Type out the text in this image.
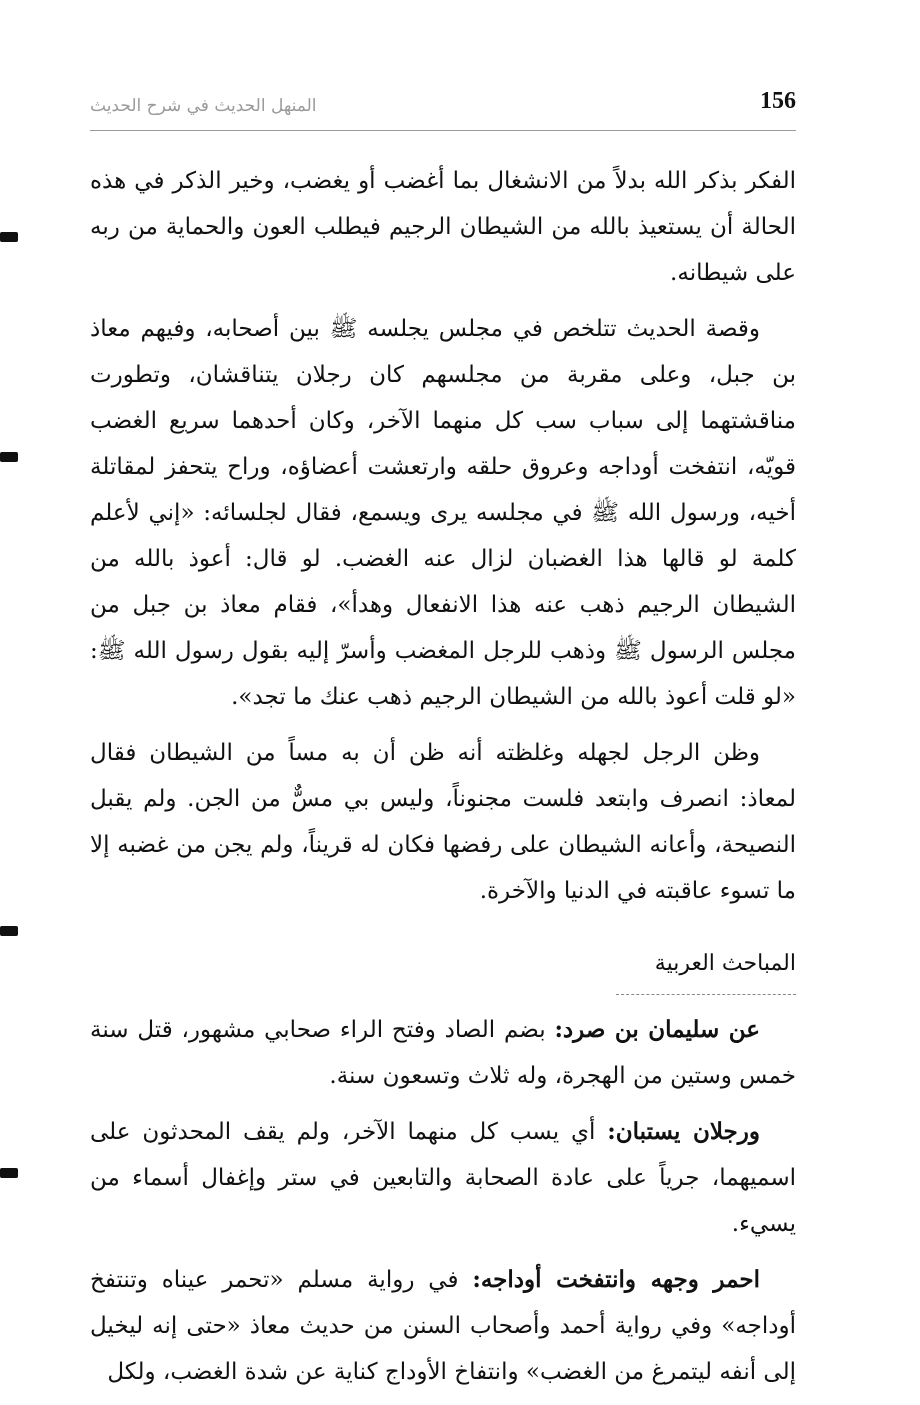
156
المنهل الحديث في شرح الحديث

الفكر بذكر الله بدلاً من الانشغال بما أغضب أو يغضب، وخير الذكر في هذه الحالة أن يستعيذ بالله من الشيطان الرجيم فيطلب العون والحماية من ربه على شيطانه.

وقصة الحديث تتلخص في مجلس يجلسه ﷺ بين أصحابه، وفيهم معاذ بن جبل، وعلى مقربة من مجلسهم كان رجلان يتناقشان، وتطورت مناقشتهما إلى سباب سب كل منهما الآخر، وكان أحدهما سريع الغضب قويّه، انتفخت أوداجه وعروق حلقه وارتعشت أعضاؤه، وراح يتحفز لمقاتلة أخيه، ورسول الله ﷺ في مجلسه يرى ويسمع، فقال لجلسائه: «إني لأعلم كلمة لو قالها هذا الغضبان لزال عنه الغضب. لو قال: أعوذ بالله من الشيطان الرجيم ذهب عنه هذا الانفعال وهدأ»، فقام معاذ بن جبل من مجلس الرسول ﷺ وذهب للرجل المغضب وأسرّ إليه بقول رسول الله ﷺ: «لو قلت أعوذ بالله من الشيطان الرجيم ذهب عنك ما تجد».

وظن الرجل لجهله وغلظته أنه ظن أن به مساً من الشيطان فقال لمعاذ: انصرف وابتعد فلست مجنوناً، وليس بي مسٌّ من الجن. ولم يقبل النصيحة، وأعانه الشيطان على رفضها فكان له قريناً، ولم يجن من غضبه إلا ما تسوء عاقبته في الدنيا والآخرة.

المباحث العربية

عن سليمان بن صرد: بضم الصاد وفتح الراء صحابي مشهور، قتل سنة خمس وستين من الهجرة، وله ثلاث وتسعون سنة.

ورجلان يستبان: أي يسب كل منهما الآخر، ولم يقف المحدثون على اسميهما، جرياً على عادة الصحابة والتابعين في ستر وإغفال أسماء من يسيء.

احمر وجهه وانتفخت أوداجه: في رواية مسلم «تحمر عيناه وتنتفخ أوداجه» وفي رواية أحمد وأصحاب السنن من حديث معاذ «حتى إنه ليخيل إلى أنفه ليتمرغ من الغضب» وانتفاخ الأوداج كناية عن شدة الغضب، ولكل
